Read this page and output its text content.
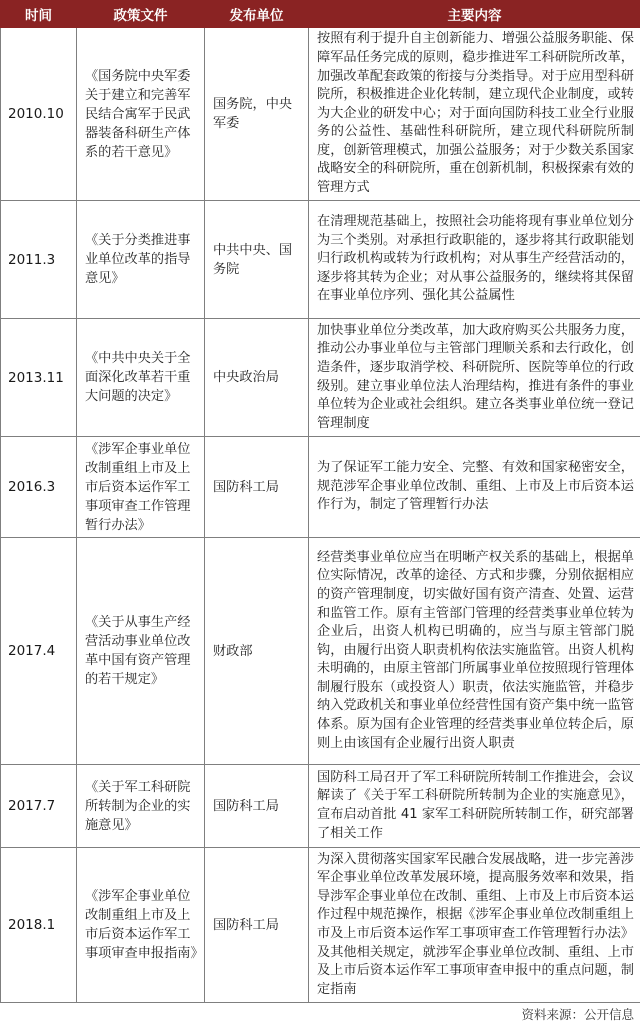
时间	政策文件	发布单位	主要内容
2010.10	《国务院中央军委关于建立和完善军民结合寓军于民武器装备科研生产体系的若干意见》	国务院，中央军委	按照有利于提升自主创新能力、增强公益服务职能、保障军品任务完成的原则，稳步推进军工科研院所改革，加强改革配套政策的衔接与分类指导。对于应用型科研院所，积极推进企业化转制，建立现代企业制度，或转为大企业的研发中心；对于面向国防科技工业全行业服务的公益性、基础性科研院所，建立现代科研院所制度，创新管理模式，加强公益服务；对于少数关系国家战略安全的科研院所，重在创新机制，积极探索有效的管理方式
2011.3	《关于分类推进事业单位改革的指导意见》	中共中央、国务院	在清理规范基础上，按照社会功能将现有事业单位划分为三个类别。对承担行政职能的，逐步将其行政职能划归行政机构或转为行政机构；对从事生产经营活动的，逐步将其转为企业；对从事公益服务的，继续将其保留在事业单位序列、强化其公益属性
2013.11	《中共中央关于全面深化改革若干重大问题的决定》	中央政治局	加快事业单位分类改革，加大政府购买公共服务力度，推动公办事业单位与主管部门理顺关系和去行政化，创造条件，逐步取消学校、科研院所、医院等单位的行政级别。建立事业单位法人治理结构，推进有条件的事业单位转为企业或社会组织。建立各类事业单位统一登记管理制度
2016.3	《涉军企事业单位改制重组上市及上市后资本运作军工事项审查工作管理暂行办法》	国防科工局	为了保证军工能力安全、完整、有效和国家秘密安全，规范涉军企事业单位改制、重组、上市及上市后资本运作行为，制定了管理暂行办法
2017.4	《关于从事生产经营活动事业单位改革中国有资产管理的若干规定》	财政部	经营类事业单位应当在明晰产权关系的基础上，根据单位实际情况，改革的途径、方式和步骤，分别依据相应的资产管理制度，切实做好国有资产清查、处置、运营和监管工作。原有主管部门管理的经营类事业单位转为企业后，出资人机构已明确的，应当与原主管部门脱钩，由履行出资人职责机构依法实施监管。出资人机构未明确的，由原主管部门所属事业单位按照现行管理体制履行股东（或投资人）职责，依法实施监管，并稳步纳入党政机关和事业单位经营性国有资产集中统一监管体系。原为国有企业管理的经营类事业单位转企后，原则上由该国有企业履行出资人职责
2017.7	《关于军工科研院所转制为企业的实施意见》	国防科工局	国防科工局召开了军工科研院所转制工作推进会，会议解读了《关于军工科研院所转制为企业的实施意见》，宣布启动首批 41 家军工科研院所转制工作，研究部署了相关工作
2018.1	《涉军企事业单位改制重组上市及上市后资本运作军工事项审查申报指南》	国防科工局	为深入贯彻落实国家军民融合发展战略，进一步完善涉军企事业单位改革发展环境，提高服务效率和效果，指导涉军企事业单位在改制、重组、上市及上市后资本运作过程中规范操作，根据《涉军企事业单位改制重组上市及上市后资本运作军工事项审查工作管理暂行办法》及其他相关规定，就涉军企事业单位改制、重组、上市及上市后资本运作军工事项审查申报中的重点问题，制定指南
资料来源：公开信息
